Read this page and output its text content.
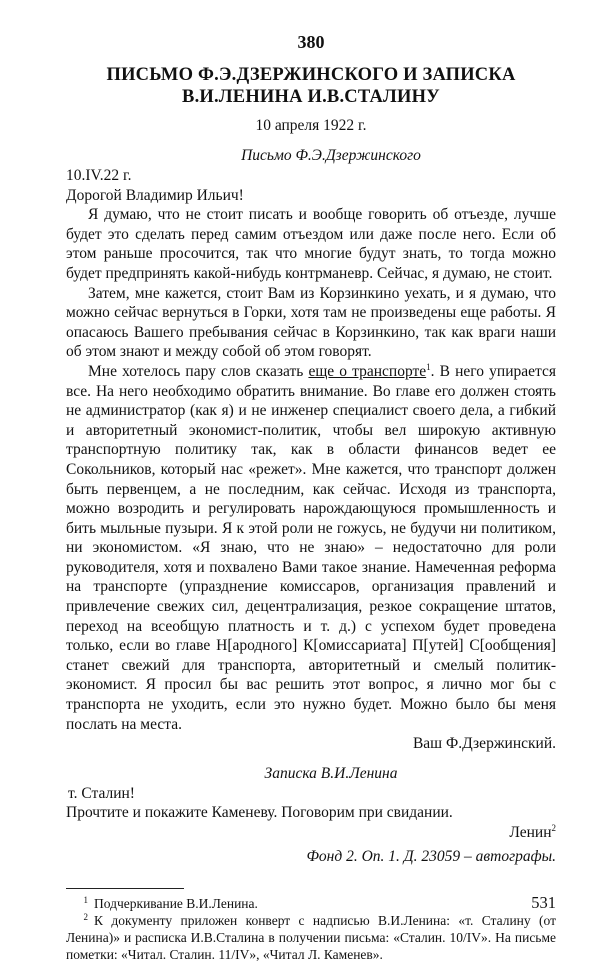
380
ПИСЬМО Ф.Э.ДЗЕРЖИНСКОГО И ЗАПИСКА
В.И.ЛЕНИНА И.В.СТАЛИНУ
10 апреля 1922 г.
Письмо Ф.Э.Дзержинского

10.IV.22 г.

Дорогой Владимир Ильич!

Я думаю, что не стоит писать и вообще говорить об отъезде, лучше будет это сделать перед самим отъездом или даже после него. Если об этом раньше просочится, так что многие будут знать, то тогда можно будет предпринять какой-нибудь контрманевр. Сейчас, я думаю, не стоит.

Затем, мне кажется, стоит Вам из Корзинкино уехать, и я думаю, что можно сейчас вернуться в Горки, хотя там не произведены еще работы. Я опасаюсь Вашего пребывания сейчас в Корзинкино, так как враги наши об этом знают и между собой об этом говорят.

Мне хотелось пару слов сказать еще о транспорте$^1$. В него упирается все. На него необходимо обратить внимание. Во главе его должен стоять не администратор (как я) и не инженер специалист своего дела, а гибкий и авторитетный экономист-политик, чтобы вел широкую активную транспортную политику так, как в области финансов ведет ее Сокольников, который нас «режет». Мне кажется, что транспорт должен быть первенцем, а не последним, как сейчас. Исходя из транспорта, можно возродить и регулировать нарождающуюся промышленность и бить мыльные пузыри. Я к этой роли не гожусь, не будучи ни политиком, ни экономистом. «Я знаю, что не знаю» – недостаточно для роли руководителя, хотя и похвалено Вами такое знание. Намеченная реформа на транспорте (упразднение комиссаров, организация правлений и привлечение свежих сил, децентрализация, резкое сокращение штатов, переход на всеобщую платность и т. д.) с успехом будет проведена только, если во главе Н[ародного] К[омиссариата] П[утей] С[ообщения] станет свежий для транспорта, авторитетный и смелый политик-экономист. Я просил бы вас решить этот вопрос, я лично мог бы с транспорта не уходить, если это нужно будет. Можно было бы меня послать на места.

Ваш Ф.Дзержинский.

Записка В.И.Ленина

т. Сталин!

Прочтите и покажите Каменеву. Поговорим при свидании.

Ленин$^2$

Фонд 2. Оп. 1. Д. 23059 – автографы.

1 Подчеркивание В.И.Ленина.

2 К документу приложен конверт с надписью В.И.Ленина: «т. Сталину (от Ленина)» и расписка И.В.Сталина в получении письма: «Сталин. 10/IV». На письме пометки: «Читал. Сталин. 11/IV», «Читал Л. Каменев».

531
